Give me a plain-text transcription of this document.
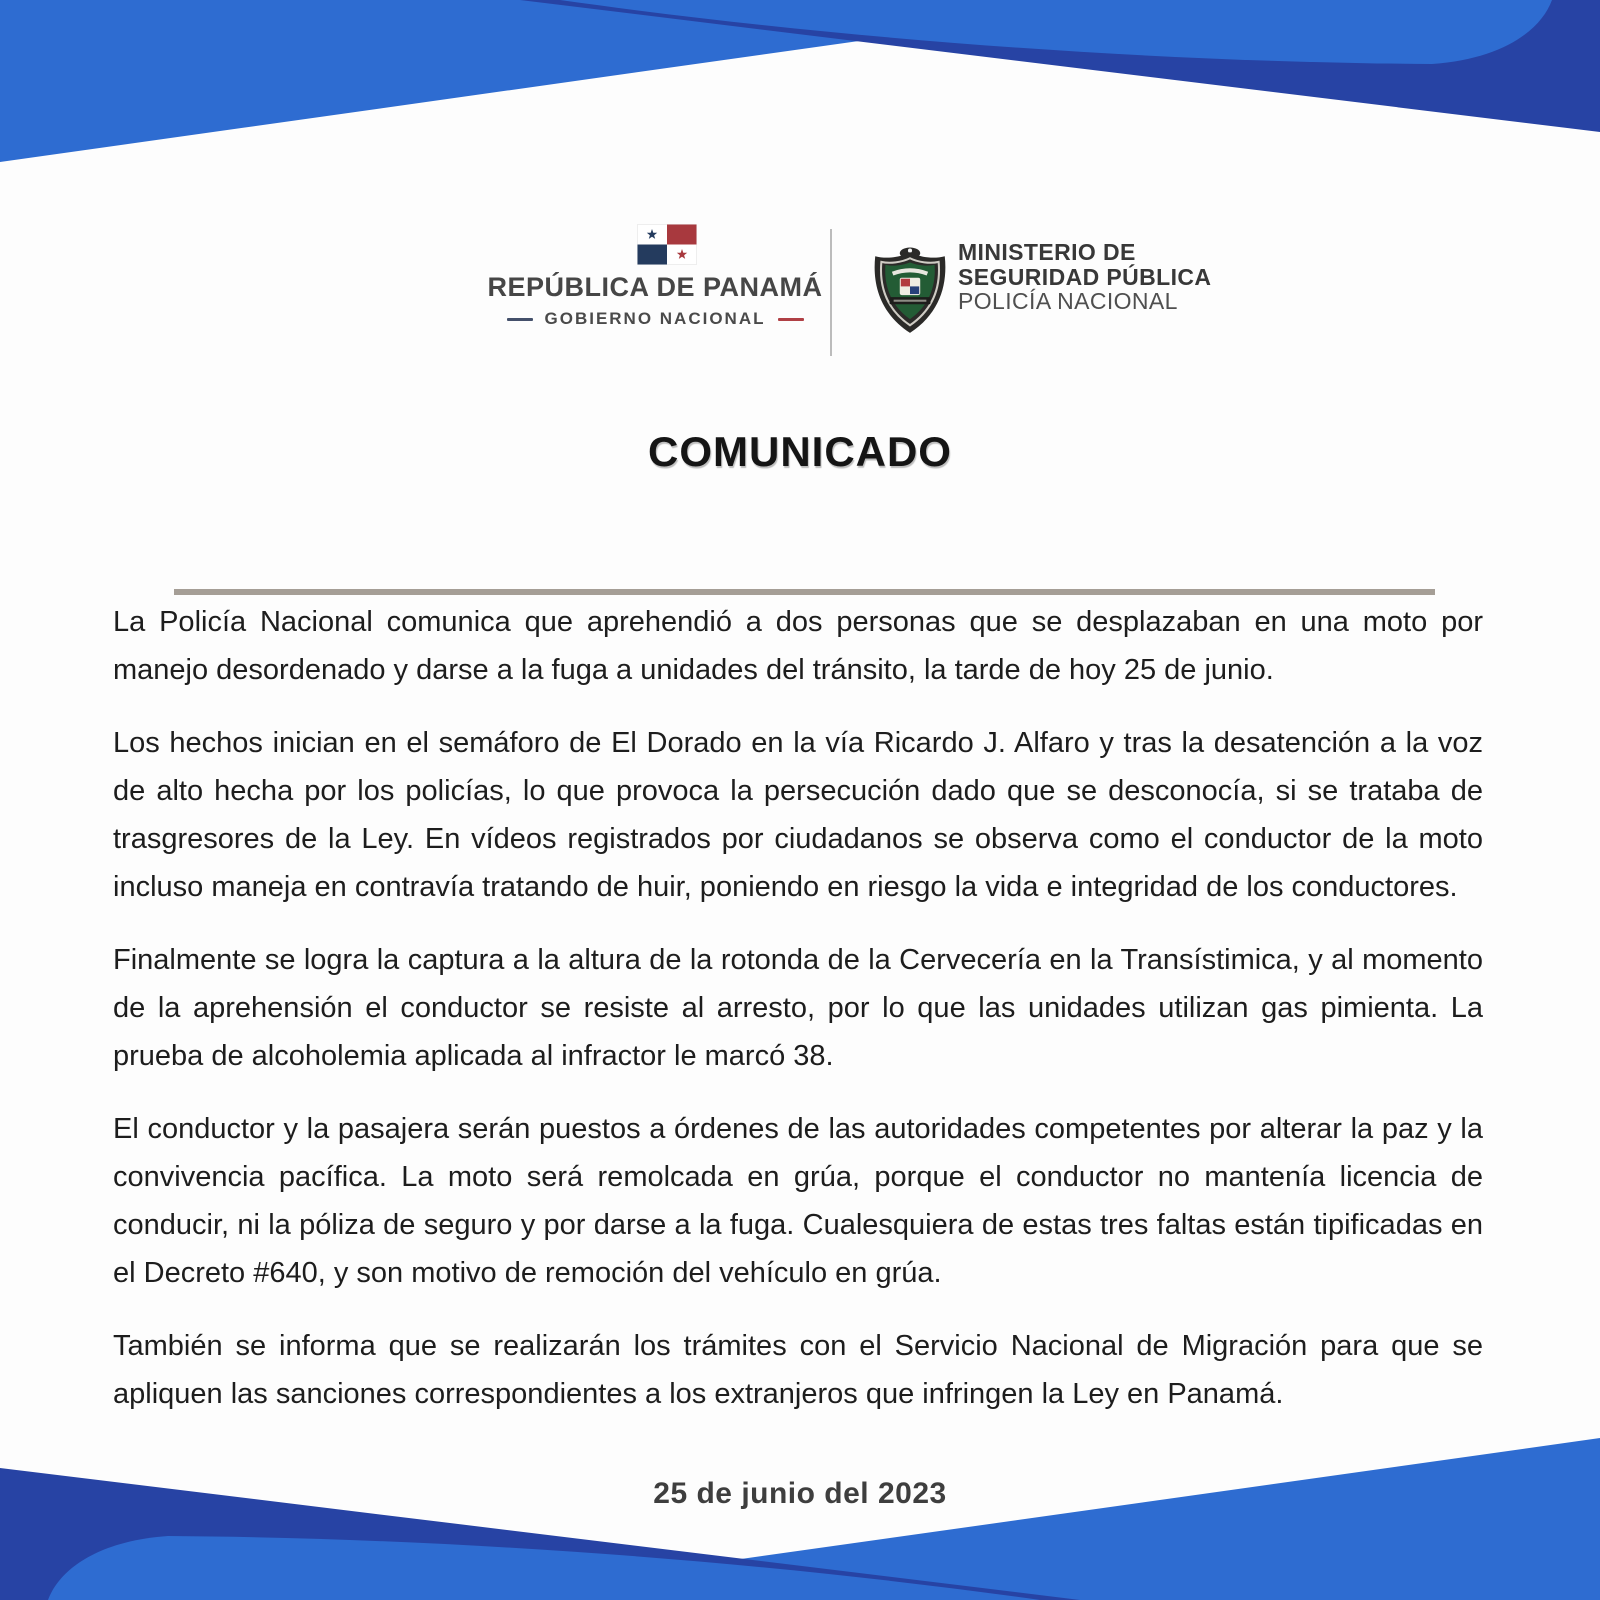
REPÚBLICA DE PANAMÁ
GOBIERNO NACIONAL
MINISTERIO DE
SEGURIDAD PÚBLICA
POLICÍA NACIONAL
COMUNICADO

La Policía Nacional comunica que aprehendió a dos personas que se desplazaban en una moto por manejo desordenado y darse a la fuga a unidades del tránsito, la tarde de hoy 25 de junio.

Los hechos inician en el semáforo de El Dorado en la vía Ricardo J. Alfaro y tras la desatención a la voz de alto hecha por los policías, lo que provoca la persecución dado que se desconocía, si se trataba de trasgresores de la Ley. En vídeos registrados por ciudadanos se observa como el conductor de la moto incluso maneja en contravía tratando de huir, poniendo en riesgo la vida e integridad de los conductores.

Finalmente se logra la captura a la altura de la rotonda de la Cervecería en la Transístimica, y al momento de la aprehensión el conductor se resiste al arresto, por lo que las unidades utilizan gas pimienta. La prueba de alcoholemia aplicada al infractor le marcó 38.

El conductor y la pasajera serán puestos a órdenes de las autoridades competentes por alterar la paz y la convivencia pacífica. La moto será remolcada en grúa, porque el conductor no mantenía licencia de conducir, ni la póliza de seguro y por darse a la fuga. Cualesquiera de estas tres faltas están tipificadas en el Decreto #640, y son motivo de remoción del vehículo en grúa.

También se informa que se realizarán los trámites con el Servicio Nacional de Migración para que se apliquen las sanciones correspondientes a los extranjeros que infringen la Ley en Panamá.

25 de junio del 2023
